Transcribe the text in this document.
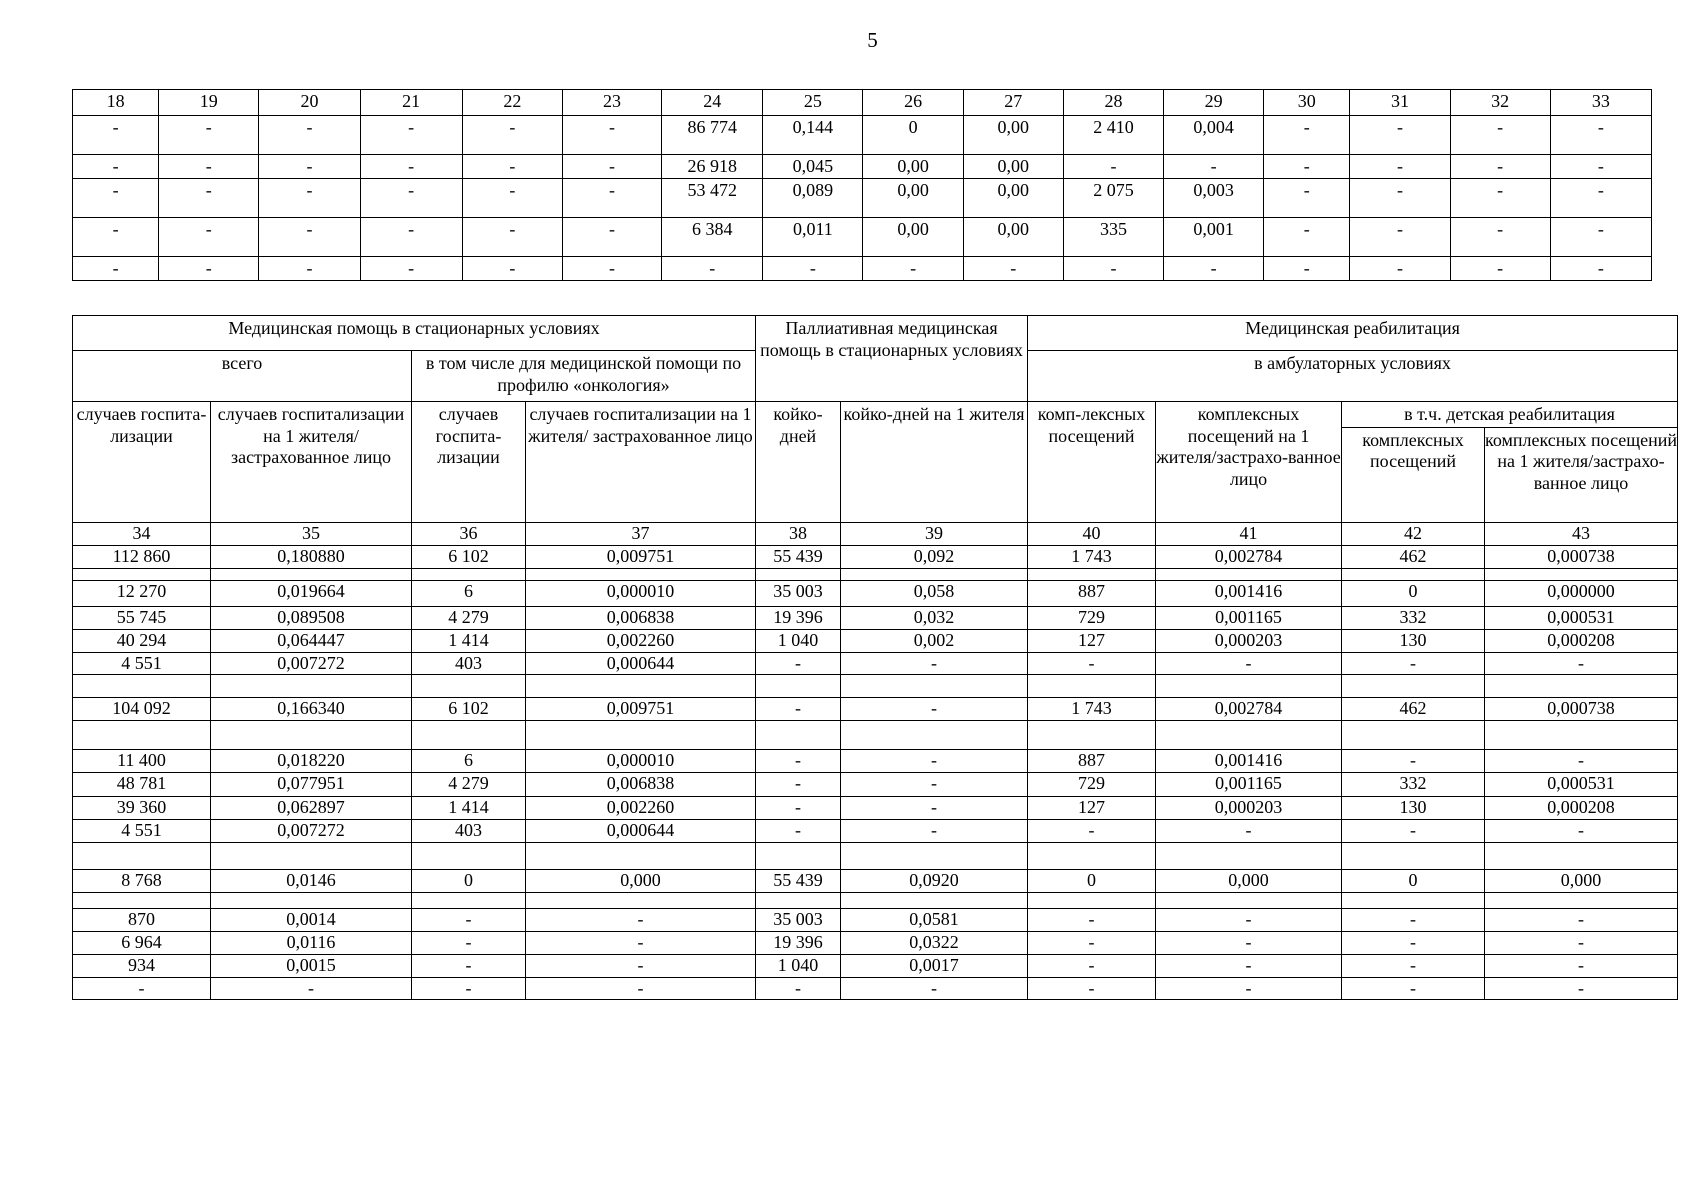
5
18	19	20	21	22	23	24	25	26	27	28	29	30	31	32	33
-	-	-	-	-	-	86 774	0,144	0	0,00	2 410	0,004	-	-	-	-
-	-	-	-	-	-	26 918	0,045	0,00	0,00	-	-	-	-	-	-
-	-	-	-	-	-	53 472	0,089	0,00	0,00	2 075	0,003	-	-	-	-
-	-	-	-	-	-	6 384	0,011	0,00	0,00	335	0,001	-	-	-	-
-	-	-	-	-	-	-	-	-	-	-	-	-	-	-	-
Медицинская помощь в стационарных условиях				Паллиативная медицинская помощь в стационарных условиях		Медицинская реабилитация			
всего		в том числе для медицинской помощи по профилю «онкология»				в амбулаторных условиях			
случаев госпита-лизации	случаев госпитализации на 1 жителя/ застрахованное лицо	случаев госпита-лизации	случаев госпитализации на 1 жителя/ застрахованное лицо	койко-дней	койко-дней на 1 жителя	комп-лексных посещений	комплексных посещений на 1 жителя/застрахо-ванное лицо	в т.ч. детская реабилитация	
								комплексных посещений	комплексных посещений на 1 жителя/застрахо-ванное лицо
34	35	36	37	38	39	40	41	42	43
112 860	0,180880	6 102	0,009751	55 439	0,092	1 743	0,002784	462	0,000738

12 270	0,019664	6	0,000010	35 003	0,058	887	0,001416	0	0,000000
55 745	0,089508	4 279	0,006838	19 396	0,032	729	0,001165	332	0,000531
40 294	0,064447	1 414	0,002260	1 040	0,002	127	0,000203	130	0,000208
4 551	0,007272	403	0,000644	-	-	-	-	-	-

104 092	0,166340	6 102	0,009751	-	-	1 743	0,002784	462	0,000738

11 400	0,018220	6	0,000010	-	-	887	0,001416	-	-
48 781	0,077951	4 279	0,006838	-	-	729	0,001165	332	0,000531
39 360	0,062897	1 414	0,002260	-	-	127	0,000203	130	0,000208
4 551	0,007272	403	0,000644	-	-	-	-	-	-

8 768	0,0146	0	0,000	55 439	0,0920	0	0,000	0	0,000

870	0,0014	-	-	35 003	0,0581	-	-	-	-
6 964	0,0116	-	-	19 396	0,0322	-	-	-	-
934	0,0015	-	-	1 040	0,0017	-	-	-	-
-	-	-	-	-	-	-	-	-	-
